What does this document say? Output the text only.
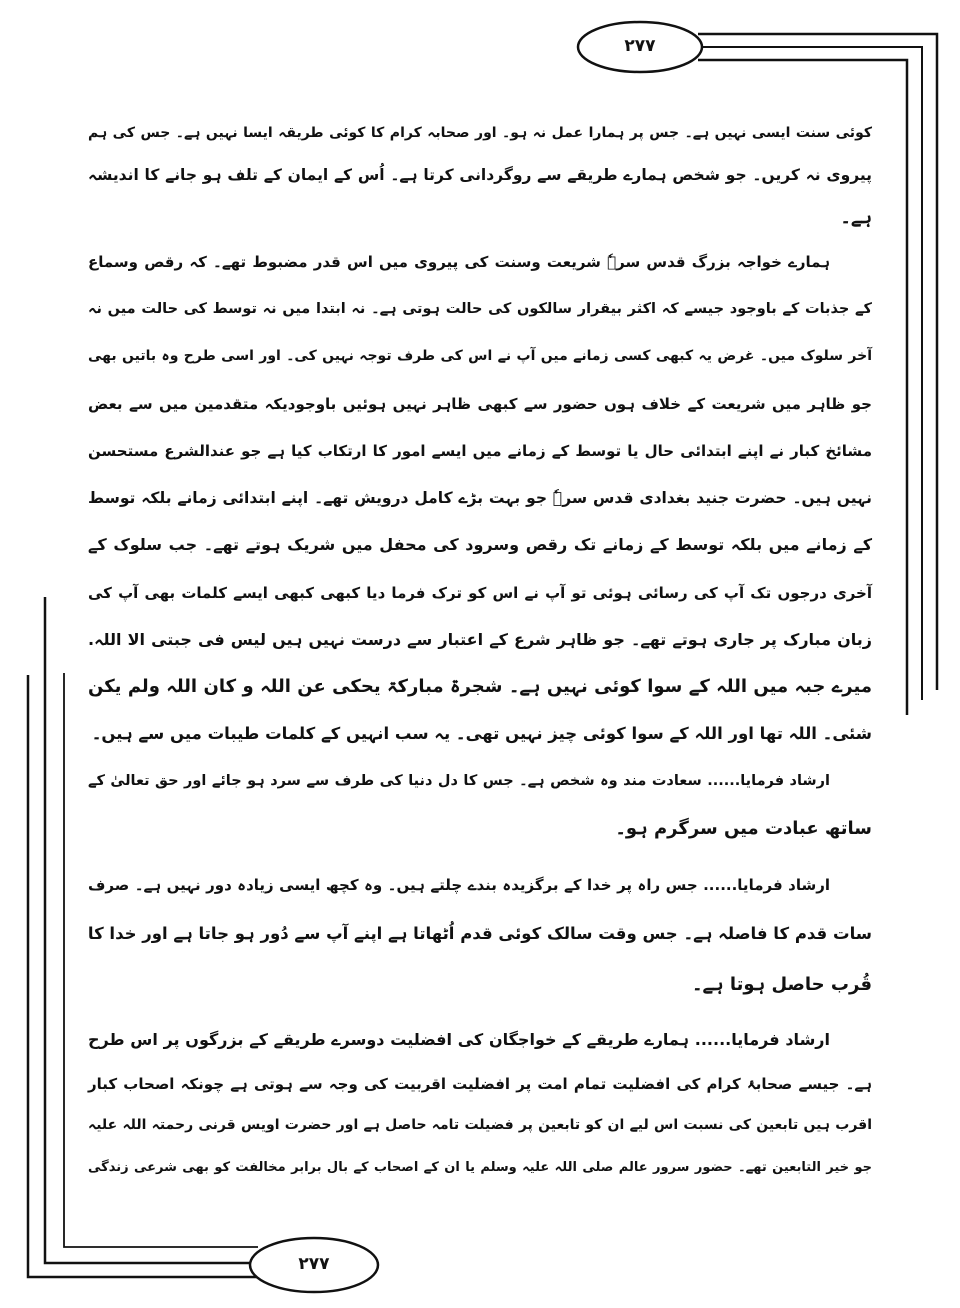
۲۷۷
۲۷۷
کوئی سنت ایسی نہیں ہے۔ جس پر ہمارا عمل نہ ہو۔ اور صحابہ کرام کا کوئی طریقہ ایسا نہیں ہے۔ جس کی ہم
پیروی نہ کریں۔ جو شخص ہمارے طریقے سے روگردانی کرتا ہے۔ اُس کے ایمان کے تلف ہو جانے کا اندیشہ
ہے۔
ہمارے خواجہ بزرگ قدس سرہٗ شریعت وسنت کی پیروی میں اس قدر مضبوط تھے۔ کہ رقص وسماع
کے جذبات کے باوجود جیسے کہ اکثر بیقرار سالکوں کی حالت ہوتی ہے۔ نہ ابتدا میں نہ توسط کی حالت میں نہ
آخر سلوک میں۔ غرض یہ کبھی کسی زمانے میں آپ نے اس کی طرف توجہ نہیں کی۔ اور اسی طرح وہ باتیں بھی
جو ظاہر میں شریعت کے خلاف ہوں حضور سے کبھی ظاہر نہیں ہوئیں باوجودیکہ متقدمین میں سے بعض
مشائخ کبار نے اپنے ابتدائی حال یا توسط کے زمانے میں ایسے امور کا ارتکاب کیا ہے جو عندالشرع مستحسن
نہیں ہیں۔ حضرت جنید بغدادی قدس سرہٗ جو بہت بڑے کامل درویش تھے۔ اپنے ابتدائی زمانے بلکہ توسط
کے زمانے میں بلکہ توسط کے زمانے تک رقص وسرود کی محفل میں شریک ہوتے تھے۔ جب سلوک کے
آخری درجوں تک آپ کی رسائی ہوئی تو آپ نے اس کو ترک فرما دیا کبھی کبھی ایسے کلمات بھی آپ کی
زبان مبارک پر جاری ہوتے تھے۔ جو ظاہر شرع کے اعتبار سے درست نہیں ہیں لیس فی جبتی الا اللہ.
میرے جبہ میں اللہ کے سوا کوئی نہیں ہے۔ شجرۃ مبارکۃ یحکی عن اللہ و کان اللہ ولم یکن
شئی۔ اللہ تھا اور اللہ کے سوا کوئی چیز نہیں تھی۔ یہ سب انہیں کے کلمات طیبات میں سے ہیں۔
ارشاد فرمایا...... سعادت مند وہ شخص ہے۔ جس کا دل دنیا کی طرف سے سرد ہو جائے اور حق تعالیٰ کے
ساتھ عبادت میں سرگرم ہو۔
ارشاد فرمایا...... جس راہ پر خدا کے برگزیدہ بندے چلتے ہیں۔ وہ کچھ ایسی زیادہ دور نہیں ہے۔ صرف
سات قدم کا فاصلہ ہے۔ جس وقت سالک کوئی قدم اُٹھاتا ہے اپنے آپ سے دُور ہو جاتا ہے اور خدا کا
قُرب حاصل ہوتا ہے۔
ارشاد فرمایا...... ہمارے طریقے کے خواجگان کی افضلیت دوسرے طریقے کے بزرگوں پر اس طرح
ہے۔ جیسے صحابۂ کرام کی افضلیت تمام امت پر افضلیت اقربیت کی وجہ سے ہوتی ہے چونکہ اصحاب کبار
اقرب ہیں تابعین کی نسبت اس لیے ان کو تابعین پر فضیلت تامہ حاصل ہے اور حضرت اویس قرنی رحمتہ اللہ علیہ
جو خیر التابعین تھے۔ حضور سرور عالم صلی اللہ علیہ وسلم یا ان کے اصحاب کے بال برابر مخالفت کو بھی شرعی زندگی
